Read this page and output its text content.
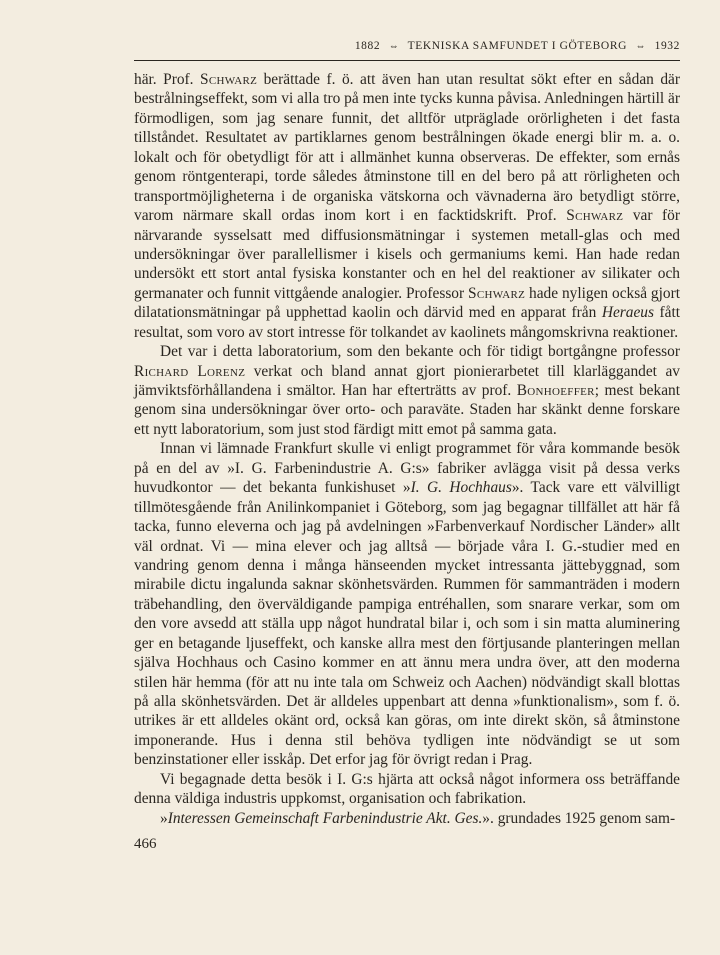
1882 ⇔ TEKNISKA SAMFUNDET I GÖTEBORG ⇔ 1932

här. Prof. Schwarz berättade f. ö. att även han utan resultat sökt efter en sådan där bestrålningseffekt, som vi alla tro på men inte tycks kunna påvisa. Anledningen härtill är förmodligen, som jag senare funnit, det alltför utpräglade orörligheten i det fasta tillståndet. Resultatet av partiklarnes genom bestrålningen ökade energi blir m. a. o. lokalt och för obetydligt för att i allmänhet kunna observeras. De effekter, som ernås genom röntgenterapi, torde således åtminstone till en del bero på att rörligheten och transportmöjligheterna i de organiska vätskorna och vävnaderna äro betydligt större, varom närmare skall ordas inom kort i en facktidskrift. Prof. Schwarz var för närvarande sysselsatt med diffusionsmätningar i systemen metall-glas och med undersökningar över parallellismer i kisels och germaniums kemi. Han hade redan undersökt ett stort antal fysiska konstanter och en hel del reaktioner av silikater och germanater och funnit vittgående analogier. Professor Schwarz hade nyligen också gjort dilatationsmätningar på upphettad kaolin och därvid med en apparat från Heraeus fått resultat, som voro av stort intresse för tolkandet av kaolinets mångomskrivna reaktioner.

Det var i detta laboratorium, som den bekante och för tidigt bortgångne professor Richard Lorenz verkat och bland annat gjort pionierarbetet till klarläggandet av jämviktsförhållandena i smältor. Han har efterträtts av prof. Bonhoeffer; mest bekant genom sina undersökningar över orto- och paraväte. Staden har skänkt denne forskare ett nytt laboratorium, som just stod färdigt mitt emot på samma gata.

Innan vi lämnade Frankfurt skulle vi enligt programmet för våra kommande besök på en del av »I. G. Farbenindustrie A. G:s» fabriker avlägga visit på dessa verks huvudkontor — det bekanta funkishuset »I. G. Hochhaus». Tack vare ett välvilligt tillmötesgående från Anilinkompaniet i Göteborg, som jag begagnar tillfället att här få tacka, funno eleverna och jag på avdelningen »Farbenverkauf Nordischer Länder» allt väl ordnat. Vi — mina elever och jag alltså — började våra I. G.-studier med en vandring genom denna i många hänseenden mycket intressanta jättebyggnad, som mirabile dictu ingalunda saknar skönhetsvärden. Rummen för sammanträden i modern träbehandling, den överväldigande pampiga entréhallen, som snarare verkar, som om den vore avsedd att ställa upp något hundratal bilar i, och som i sin matta aluminering ger en betagande ljuseffekt, och kanske allra mest den förtjusande planteringen mellan själva Hochhaus och Casino kommer en att ännu mera undra över, att den moderna stilen här hemma (för att nu inte tala om Schweiz och Aachen) nödvändigt skall blottas på alla skönhetsvärden. Det är alldeles uppenbart att denna »funktionalism», som f. ö. utrikes är ett alldeles okänt ord, också kan göras, om inte direkt skön, så åtminstone imponerande. Hus i denna stil behöva tydligen inte nödvändigt se ut som benzinstationer eller isskåp. Det erfor jag för övrigt redan i Prag.

Vi begagnade detta besök i I. G:s hjärta att också något informera oss beträffande denna väldiga industris uppkomst, organisation och fabrikation.

»Interessen Gemeinschaft Farbenindustrie Akt. Ges.». grundades 1925 genom sam-

466
